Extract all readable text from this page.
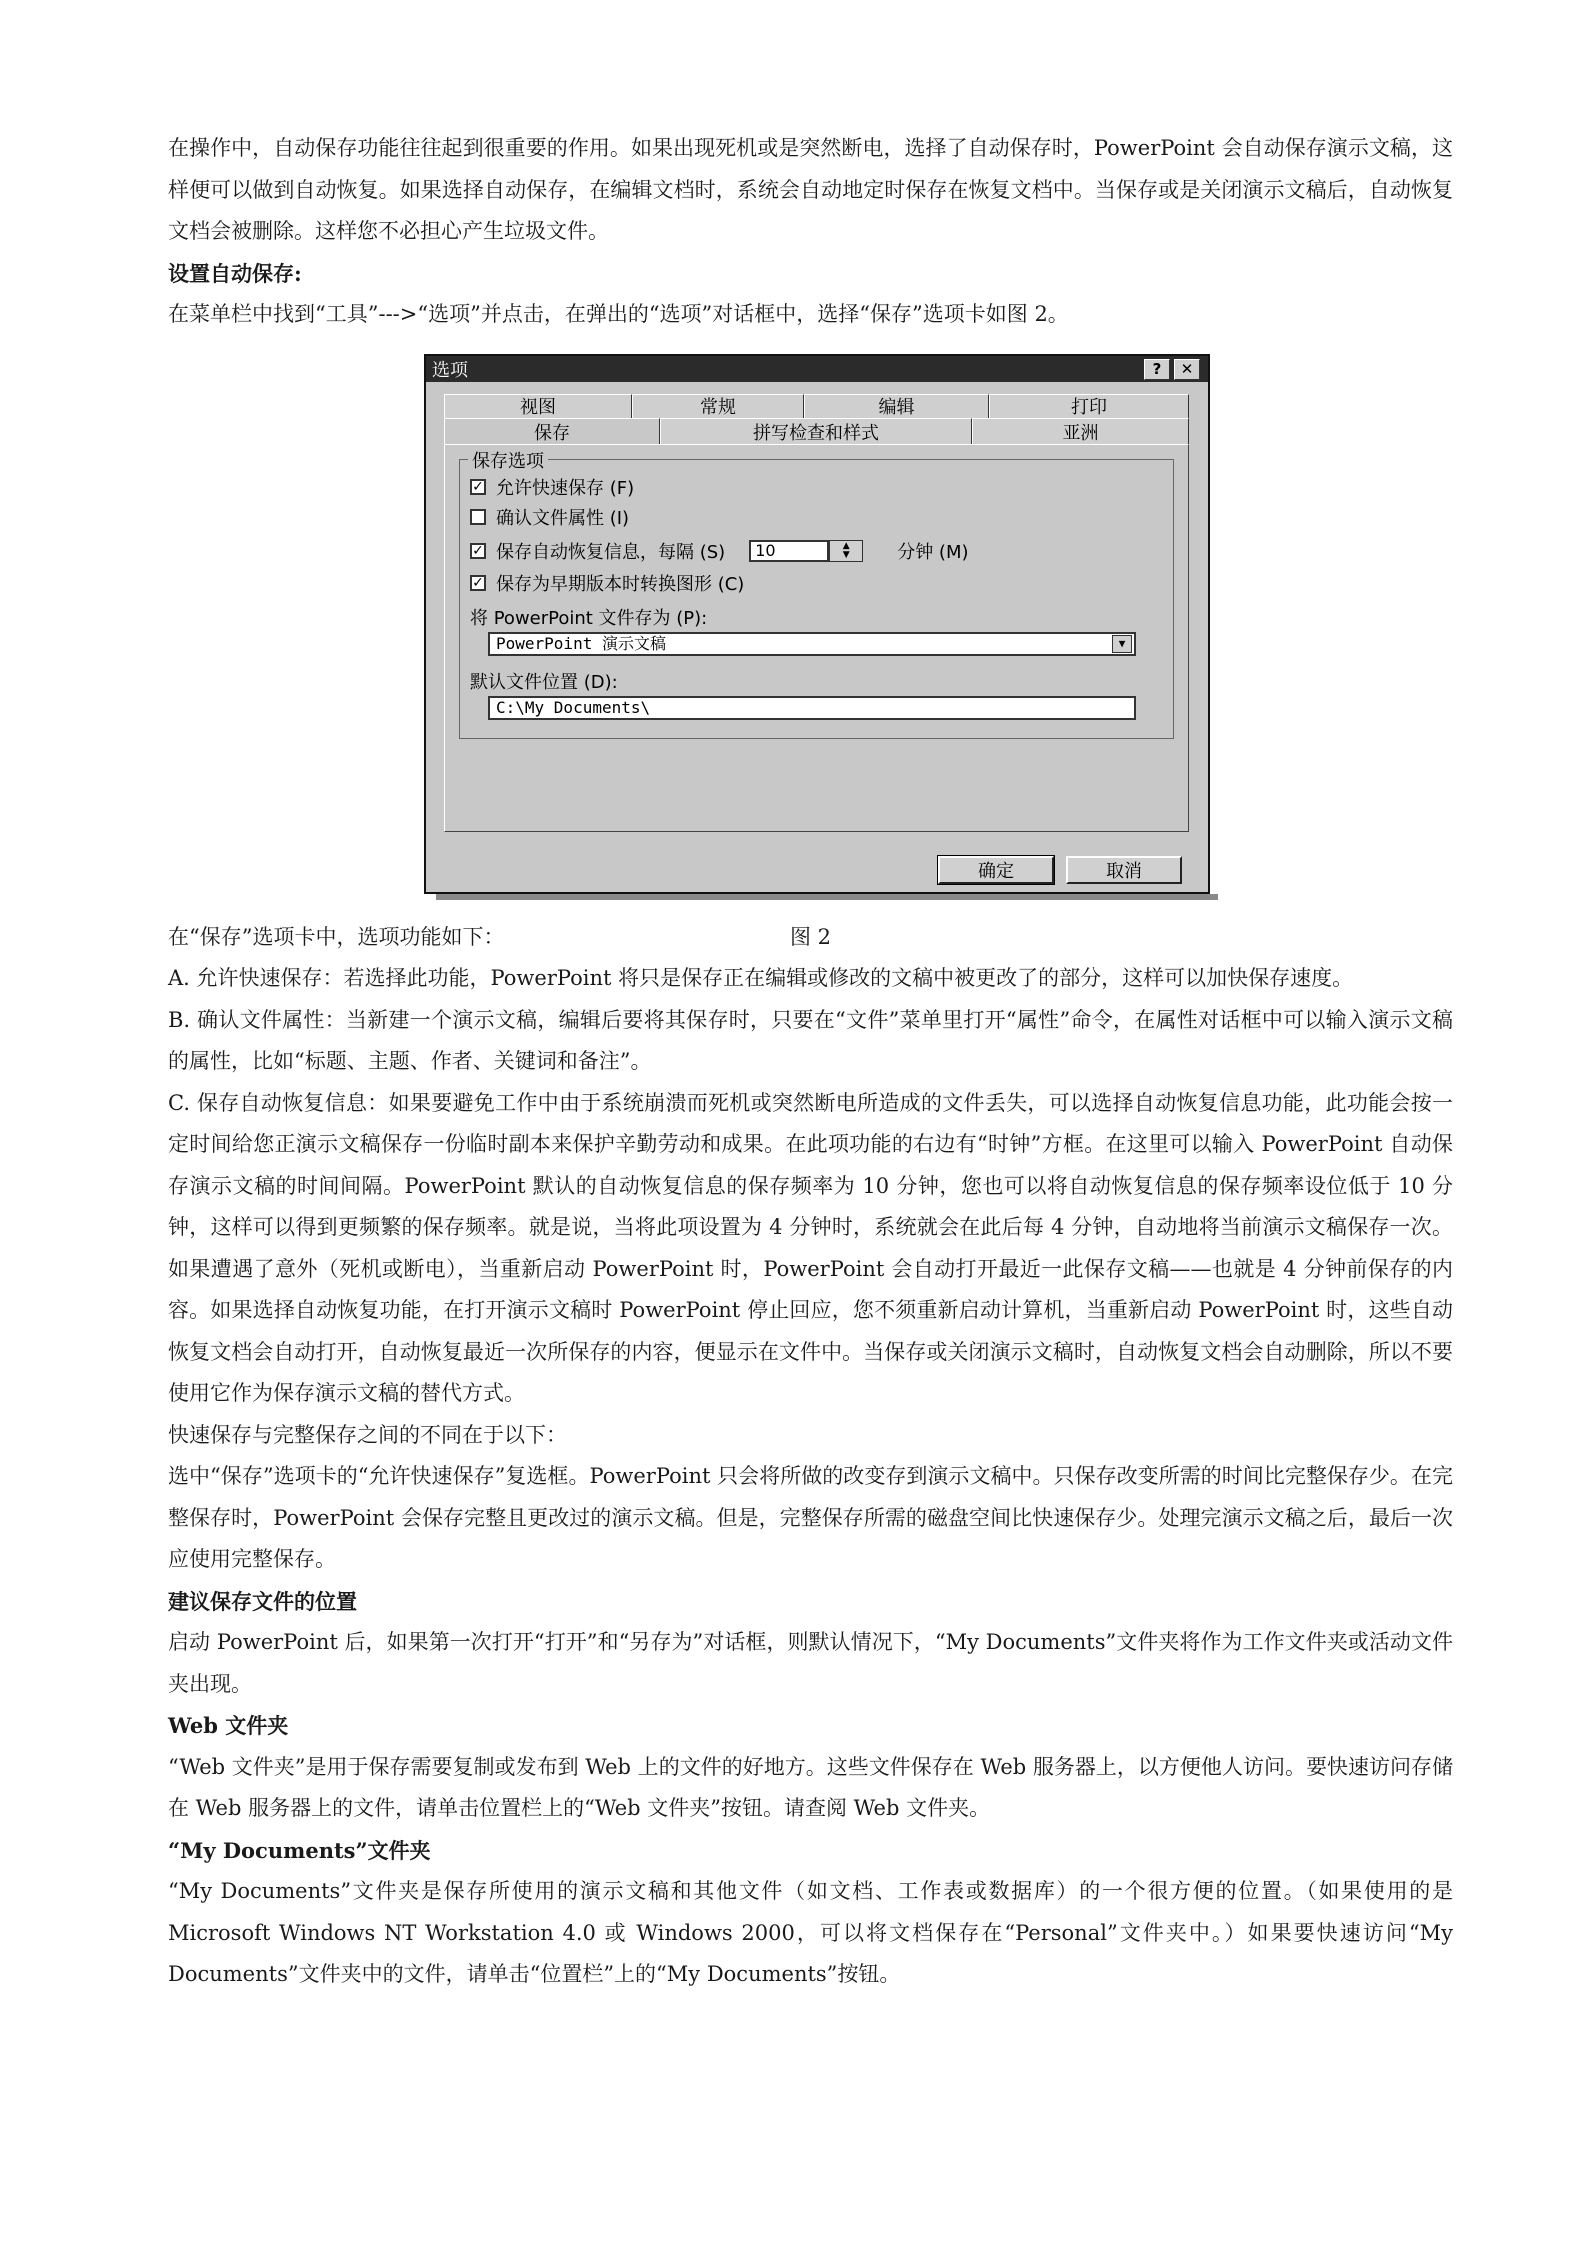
在操作中，自动保存功能往往起到很重要的作用。如果出现死机或是突然断电，选择了自动保存时，PowerPoint 会自动保存演示文稿，这样便可以做到自动恢复。如果选择自动保存，在编辑文档时，系统会自动地定时保存在恢复文档中。当保存或是关闭演示文稿后，自动恢复文档会被删除。这样您不必担心产生垃圾文件。

设置自动保存:

在菜单栏中找到“工具”--->“选项”并点击，在弹出的“选项”对话框中，选择“保存”选项卡如图 2。

选项	?	✕
视图	常规	编辑	打印
保存	拼写检查和样式	亚洲
保存选项
✓ 允许快速保存 (F)
确认文件属性 (I)
✓ 保存自动恢复信息，每隔 (S)	10	▲
▼	分钟 (M)
✓ 保存为早期版本时转换图形 (C)
将 PowerPoint 文件存为 (P):
PowerPoint 演示文稿	▼
默认文件位置 (D):
C:\My Documents\
确定	取消
图 2

在“保存”选项卡中，选项功能如下：

A. 允许快速保存：若选择此功能，PowerPoint 将只是保存正在编辑或修改的文稿中被更改了的部分，这样可以加快保存速度。

B. 确认文件属性：当新建一个演示文稿，编辑后要将其保存时，只要在“文件”菜单里打开“属性”命令，在属性对话框中可以输入演示文稿的属性，比如“标题、主题、作者、关键词和备注”。

C. 保存自动恢复信息：如果要避免工作中由于系统崩溃而死机或突然断电所造成的文件丢失，可以选择自动恢复信息功能，此功能会按一定时间给您正演示文稿保存一份临时副本来保护辛勤劳动和成果。在此项功能的右边有“时钟”方框。在这里可以输入 PowerPoint 自动保存演示文稿的时间间隔。PowerPoint 默认的自动恢复信息的保存频率为 10 分钟，您也可以将自动恢复信息的保存频率设位低于 10 分钟，这样可以得到更频繁的保存频率。就是说，当将此项设置为 4 分钟时，系统就会在此后每 4 分钟，自动地将当前演示文稿保存一次。如果遭遇了意外（死机或断电），当重新启动 PowerPoint 时，PowerPoint 会自动打开最近一此保存文稿——也就是 4 分钟前保存的内容。如果选择自动恢复功能，在打开演示文稿时 PowerPoint 停止回应，您不须重新启动计算机，当重新启动 PowerPoint 时，这些自动恢复文档会自动打开，自动恢复最近一次所保存的内容，便显示在文件中。当保存或关闭演示文稿时，自动恢复文档会自动删除，所以不要使用它作为保存演示文稿的替代方式。

快速保存与完整保存之间的不同在于以下：

选中“保存”选项卡的“允许快速保存”复选框。PowerPoint 只会将所做的改变存到演示文稿中。只保存改变所需的时间比完整保存少。在完整保存时，PowerPoint 会保存完整且更改过的演示文稿。但是，完整保存所需的磁盘空间比快速保存少。处理完演示文稿之后，最后一次应使用完整保存。

建议保存文件的位置

启动 PowerPoint 后，如果第一次打开“打开”和“另存为”对话框，则默认情况下，“My Documents”文件夹将作为工作文件夹或活动文件夹出现。

Web 文件夹

“Web 文件夹”是用于保存需要复制或发布到 Web 上的文件的好地方。这些文件保存在 Web 服务器上，以方便他人访问。要快速访问存储在 Web 服务器上的文件，请单击位置栏上的“Web 文件夹”按钮。请查阅 Web 文件夹。

“My Documents”文件夹

“My Documents”文件夹是保存所使用的演示文稿和其他文件（如文档、工作表或数据库）的一个很方便的位置。（如果使用的是 Microsoft Windows NT Workstation 4.0 或 Windows 2000，可以将文档保存在“Personal”文件夹中。）如果要快速访问“My Documents”文件夹中的文件，请单击“位置栏”上的“My Documents”按钮。
